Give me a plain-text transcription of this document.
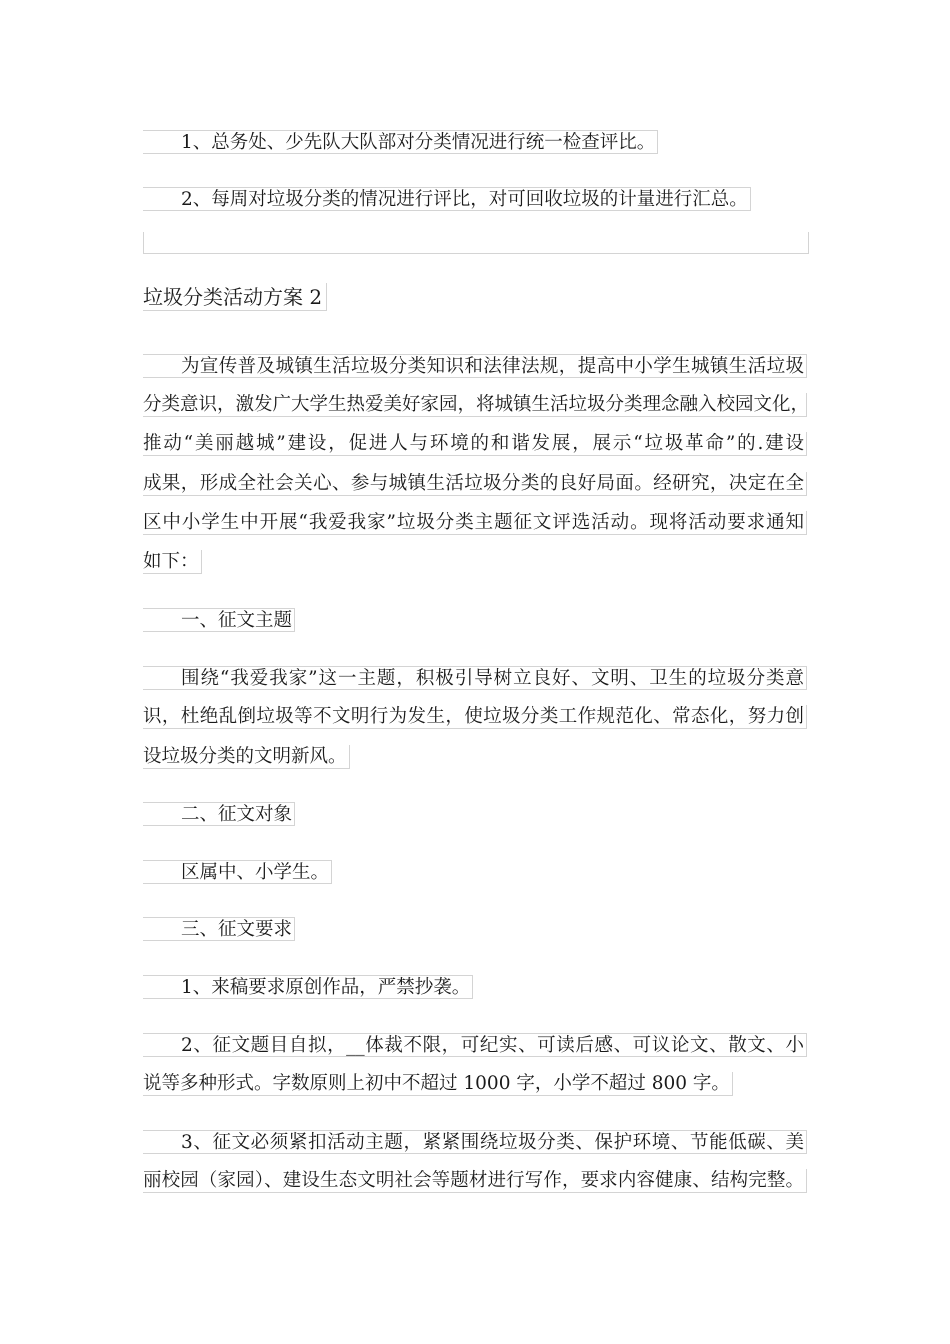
1、总务处、少先队大队部对分类情况进行统一检查评比。
2、每周对垃圾分类的情况进行评比，对可回收垃圾的计量进行汇总。
垃圾分类活动方案 2
为宣传普及城镇生活垃圾分类知识和法律法规，提高中小学生城镇生活垃圾
分类意识，激发广大学生热爱美好家园，将城镇生活垃圾分类理念融入校园文化，
推动“美丽越城”建设，促进人与环境的和谐发展，展示“垃圾革命”的.建设
成果，形成全社会关心、参与城镇生活垃圾分类的良好局面。经研究，决定在全
区中小学生中开展“我爱我家”垃圾分类主题征文评选活动。现将活动要求通知
如下：
一、征文主题
围绕“我爱我家”这一主题，积极引导树立良好、文明、卫生的垃圾分类意
识，杜绝乱倒垃圾等不文明行为发生，使垃圾分类工作规范化、常态化，努力创
设垃圾分类的文明新风。
二、征文对象
区属中、小学生。
三、征文要求
1、来稿要求原创作品，严禁抄袭。
2、征文题目自拟，__体裁不限，可纪实、可读后感、可议论文、散文、小
说等多种形式。字数原则上初中不超过 1000 字，小学不超过 800 字。
3、征文必须紧扣活动主题，紧紧围绕垃圾分类、保护环境、节能低碳、美
丽校园（家园）、建设生态文明社会等题材进行写作，要求内容健康、结构完整。
